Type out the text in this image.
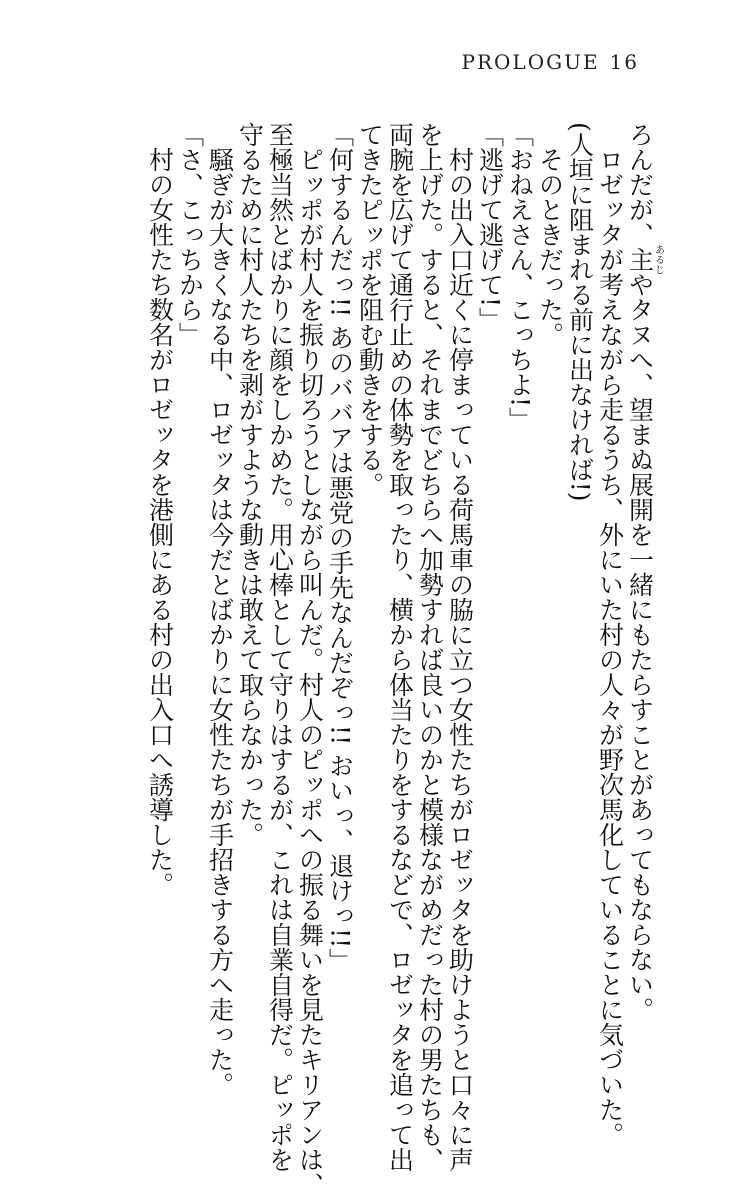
PROLOGUE 16
ろんだが、主あるじやタヌへ、望まぬ展開を一緒にもたらすことがあってもならない。
ロゼッタが考えながら走るうち、外にいた村の人々が野次馬化していることに気づいた。
(人垣に阻まれる前に出なければ!)
そのときだった。
「おねえさん、こっちよ!」
「逃げて逃げて!」
村の出入口近くに停まっている荷馬車の脇に立つ女性たちがロゼッタを助けようと口々に声
を上げた。すると、それまでどちらへ加勢すれば良いのかと模様ながめだった村の男たちも、
両腕を広げて通行止めの体勢を取ったり、横から体当たりをするなどで、ロゼッタを追って出
てきたピッポを阻む動きをする。
「何するんだっ!! あのババアは悪党の手先なんだぞっ!! おいっ、退けっ!!」
ピッポが村人を振り切ろうとしながら叫んだ。村人のピッポへの振る舞いを見たキリアンは、
至極当然とばかりに顔をしかめた。用心棒として守りはするが、これは自業自得だ。ピッポを
守るために村人たちを剥がすような動きは敢えて取らなかった。
騒ぎが大きくなる中、ロゼッタは今だとばかりに女性たちが手招きする方へ走った。
「さ、こっちから」
村の女性たち数名がロゼッタを港側にある村の出入口へ誘導した。
